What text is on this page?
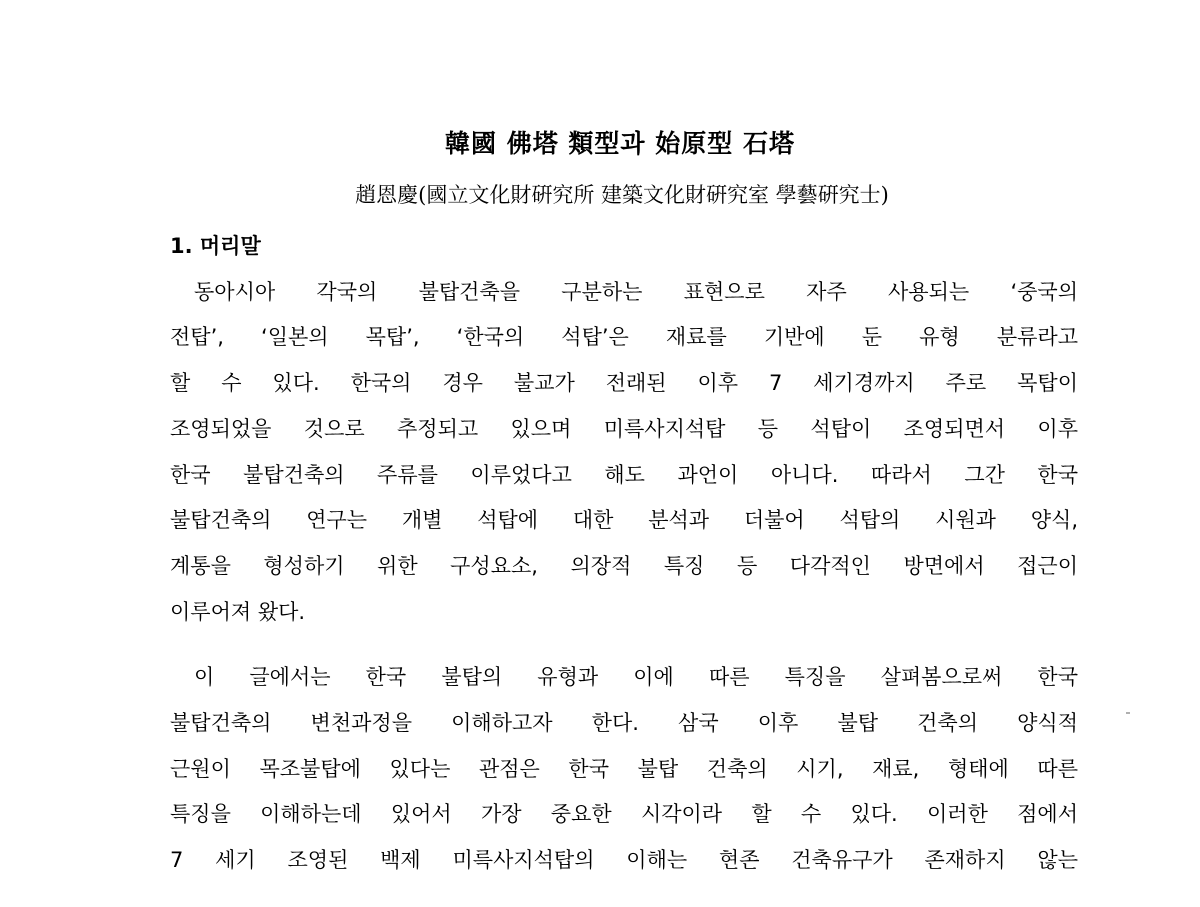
韓國 佛塔 類型과 始原型 石塔
趙恩慶(國立文化財硏究所 建築文化財硏究室 學藝硏究士)
1. 머리말
동아시아 각국의 불탑건축을 구분하는 표현으로 자주 사용되는 ‘중국의
전탑’, ‘일본의 목탑’, ‘한국의 석탑’은 재료를 기반에 둔 유형 분류라고
할 수 있다. 한국의 경우 불교가 전래된 이후 7 세기경까지 주로 목탑이
조영되었을 것으로 추정되고 있으며 미륵사지석탑 등 석탑이 조영되면서 이후
한국 불탑건축의 주류를 이루었다고 해도 과언이 아니다. 따라서 그간 한국
불탑건축의 연구는 개별 석탑에 대한 분석과 더불어 석탑의 시원과 양식,
계통을 형성하기 위한 구성요소, 의장적 특징 등 다각적인 방면에서 접근이
이루어져 왔다.
이 글에서는 한국 불탑의 유형과 이에 따른 특징을 살펴봄으로써 한국
불탑건축의 변천과정을 이해하고자 한다. 삼국 이후 불탑 건축의 양식적
근원이 목조불탑에 있다는 관점은 한국 불탑 건축의 시기, 재료, 형태에 따른
특징을 이해하는데 있어서 가장 중요한 시각이라 할 수 있다. 이러한 점에서
7 세기 조영된 백제 미륵사지석탑의 이해는 현존 건축유구가 존재하지 않는
